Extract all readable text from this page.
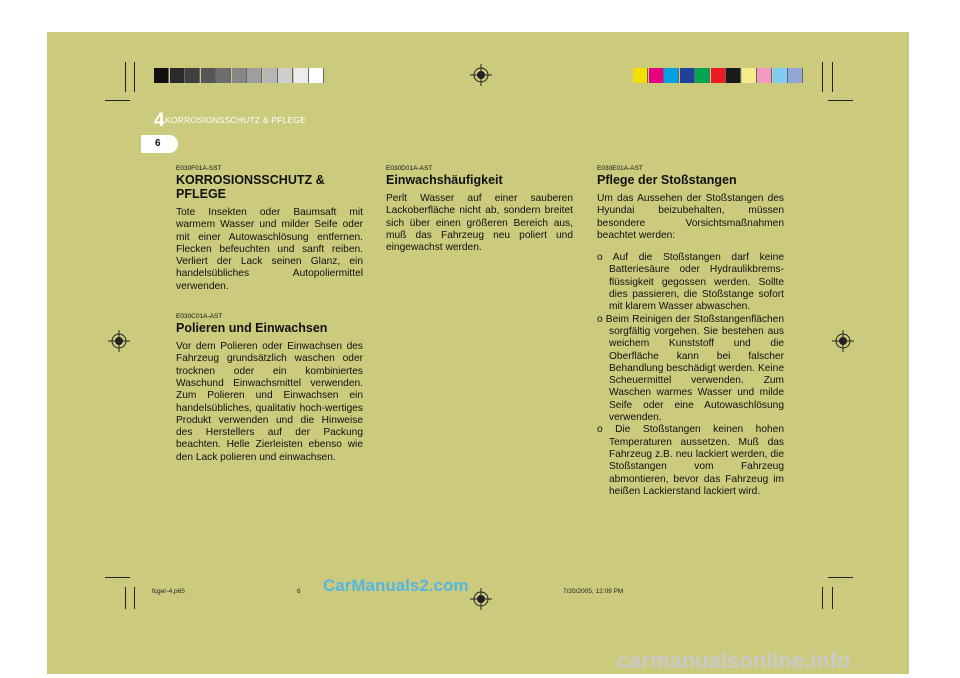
4 KORROSIONSSCHUTZ & PFLEGE
6
E030F01A-SST
KORROSIONSSCHUTZ & PFLEGE

Tote Insekten oder Baumsaft mit warmem Wasser und milder Seife oder mit einer Autowaschlösung entfernen. Flecken befeuchten und sanft reiben. Verliert der Lack seinen Glanz, ein handelsübliches Autopoliermittel verwenden.

E030C01A-AST
Polieren und Einwachsen

Vor dem Polieren oder Einwachsen des Fahrzeug grundsätzlich waschen oder trocknen oder ein kombiniertes Waschund Einwachsmittel verwenden. Zum Polieren und Einwachsen ein handelsübliches, qualitativ hoch-wertiges Produkt verwenden und die Hinweise des Herstellers auf der Packung beachten. Helle Zierleisten ebenso wie den Lack polieren und einwachsen.

E030D01A-AST
Einwachshäufigkeit

Perlt Wasser auf einer sauberen Lackoberfläche nicht ab, sondern breitet sich über einen größeren Bereich aus, muß das Fahrzeug neu poliert und eingewachst werden.

E030E01A-AST
Pflege der Stoßstangen

Um das Aussehen der Stoßstangen des Hyundai beizubehalten, müssen besondere Vorsichtsmaßnahmen beachtet werden:

o Auf die Stoßstangen darf keine Batteriesäure oder Hydraulikbrems-flüssigkeit gegossen werden. Sollte dies passieren, die Stoßstange sofort mit klarem Wasser abwaschen.
o Beim Reinigen der Stoßstangenflächen sorgfältig vorgehen. Sie bestehen aus weichem Kunststoff und die Oberfläche kann bei falscher Behandlung beschädigt werden. Keine Scheuermittel verwenden. Zum Waschen warmes Wasser und milde Seife oder eine Autowaschlösung verwenden.
o Die Stoßstangen keinen hohen Temperaturen aussetzen. Muß das Fahrzeug z.B. neu lackiert werden, die Stoßstangen vom Fahrzeug abmontieren, bevor das Fahrzeug im heißen Lackierstand lackiert wird.
fcger-4.p65	6	7/20/2005, 12:09 PM
CarManuals2.com
carmanualsonline.info
